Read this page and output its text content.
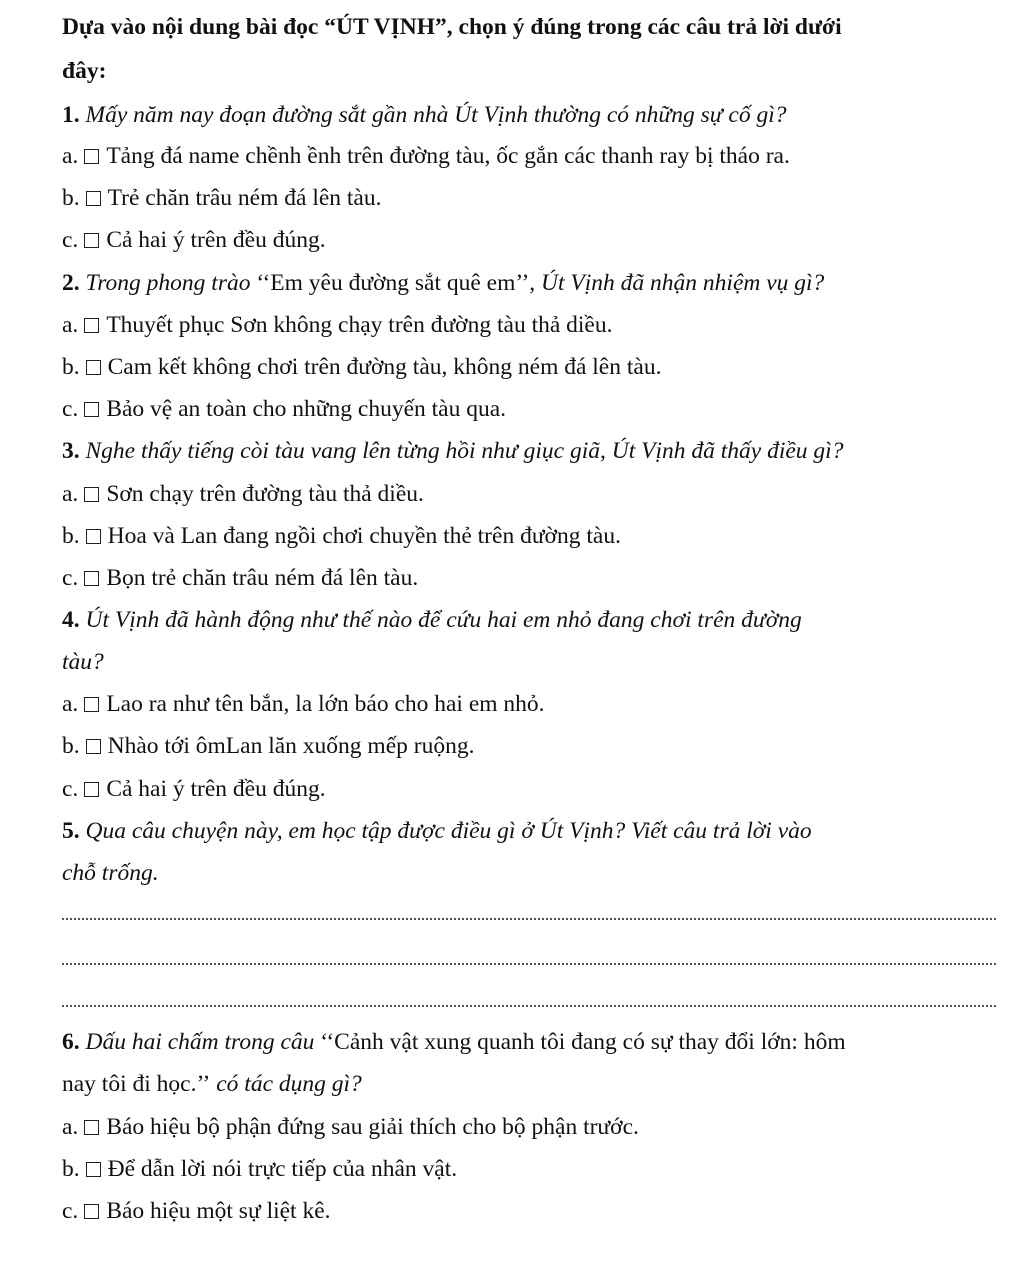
Dựa vào nội dung bài đọc “ÚT VỊNH”, chọn ý đúng trong các câu trả lời dưới
đây:
1. Mấy năm nay đoạn đường sắt gần nhà Út Vịnh thường có những sự cố gì?
a. Tảng đá name chềnh ềnh trên đường tàu, ốc gắn các thanh ray bị tháo ra.
b. Trẻ chăn trâu ném đá lên tàu.
c. Cả hai ý trên đều đúng.
2. Trong phong trào ‘‘Em yêu đường sắt quê em’’, Út Vịnh đã nhận nhiệm vụ gì?
a. Thuyết phục Sơn không chạy trên đường tàu thả diều.
b. Cam kết không chơi trên đường tàu, không ném đá lên tàu.
c. Bảo vệ an toàn cho những chuyến tàu qua.
3. Nghe thấy tiếng còi tàu vang lên từng hồi như giục giã, Út Vịnh đã thấy điều gì?
a. Sơn chạy trên đường tàu thả diều.
b. Hoa và Lan đang ngồi chơi chuyền thẻ trên đường tàu.
c. Bọn trẻ chăn trâu ném đá lên tàu.
4. Út Vịnh đã hành động như thế nào để cứu hai em nhỏ đang chơi trên đường
tàu?
a. Lao ra như tên bắn, la lớn báo cho hai em nhỏ.
b. Nhào tới ômLan lăn xuống mếp ruộng.
c. Cả hai ý trên đều đúng.
5. Qua câu chuyện này, em học tập được điều gì ở Út Vịnh? Viết câu trả lời vào
chỗ trống.
6. Dấu hai chấm trong câu ‘‘Cảnh vật xung quanh tôi đang có sự thay đổi lớn: hôm
nay tôi đi học.’’ có tác dụng gì?
a. Báo hiệu bộ phận đứng sau giải thích cho bộ phận trước.
b. Để dẫn lời nói trực tiếp của nhân vật.
c. Báo hiệu một sự liệt kê.
